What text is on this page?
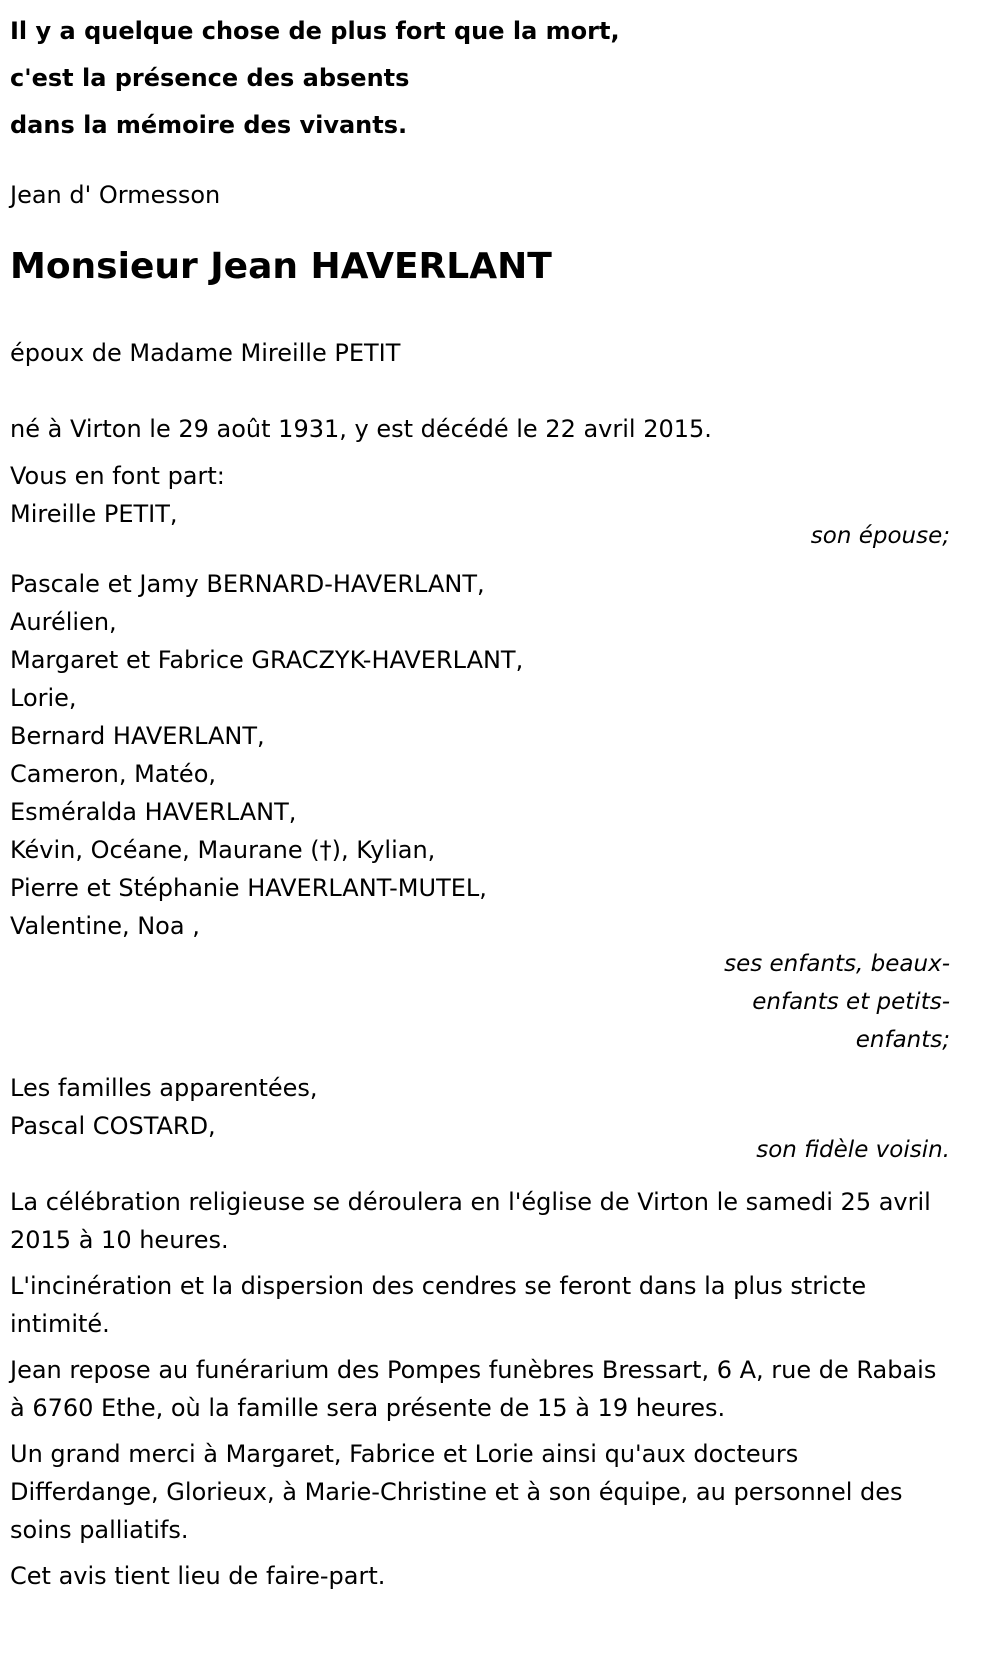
Il y a quelque chose de plus fort que la mort,

c'est la présence des absents

dans la mémoire des vivants.

Jean d' Ormesson

Monsieur Jean HAVERLANT

époux de Madame Mireille PETIT

né à Virton le 29 août 1931, y est décédé le 22 avril 2015.

Vous en font part:
Mireille PETIT,

son épouse;

Pascale et Jamy BERNARD-HAVERLANT,
Aurélien,
Margaret et Fabrice GRACZYK-HAVERLANT,
Lorie,
Bernard HAVERLANT,
Cameron, Matéo,
Esméralda HAVERLANT,
Kévin, Océane, Maurane (†), Kylian,
Pierre et Stéphanie HAVERLANT-MUTEL,
Valentine, Noa ,

ses enfants, beaux-enfants et petits-enfants;

Les familles apparentées,
Pascal COSTARD,

son fidèle voisin.

La célébration religieuse se déroulera en l'église de Virton le samedi 25 avril 2015 à 10 heures.

L'incinération et la dispersion des cendres se feront dans la plus stricte intimité.

Jean repose au funérarium des Pompes funèbres Bressart, 6 A, rue de Rabais à 6760 Ethe, où la famille sera présente de 15 à 19 heures.

Un grand merci à Margaret, Fabrice et Lorie ainsi qu'aux docteurs Differdange, Glorieux, à Marie-Christine et à son équipe, au personnel des soins palliatifs.

Cet avis tient lieu de faire-part.
